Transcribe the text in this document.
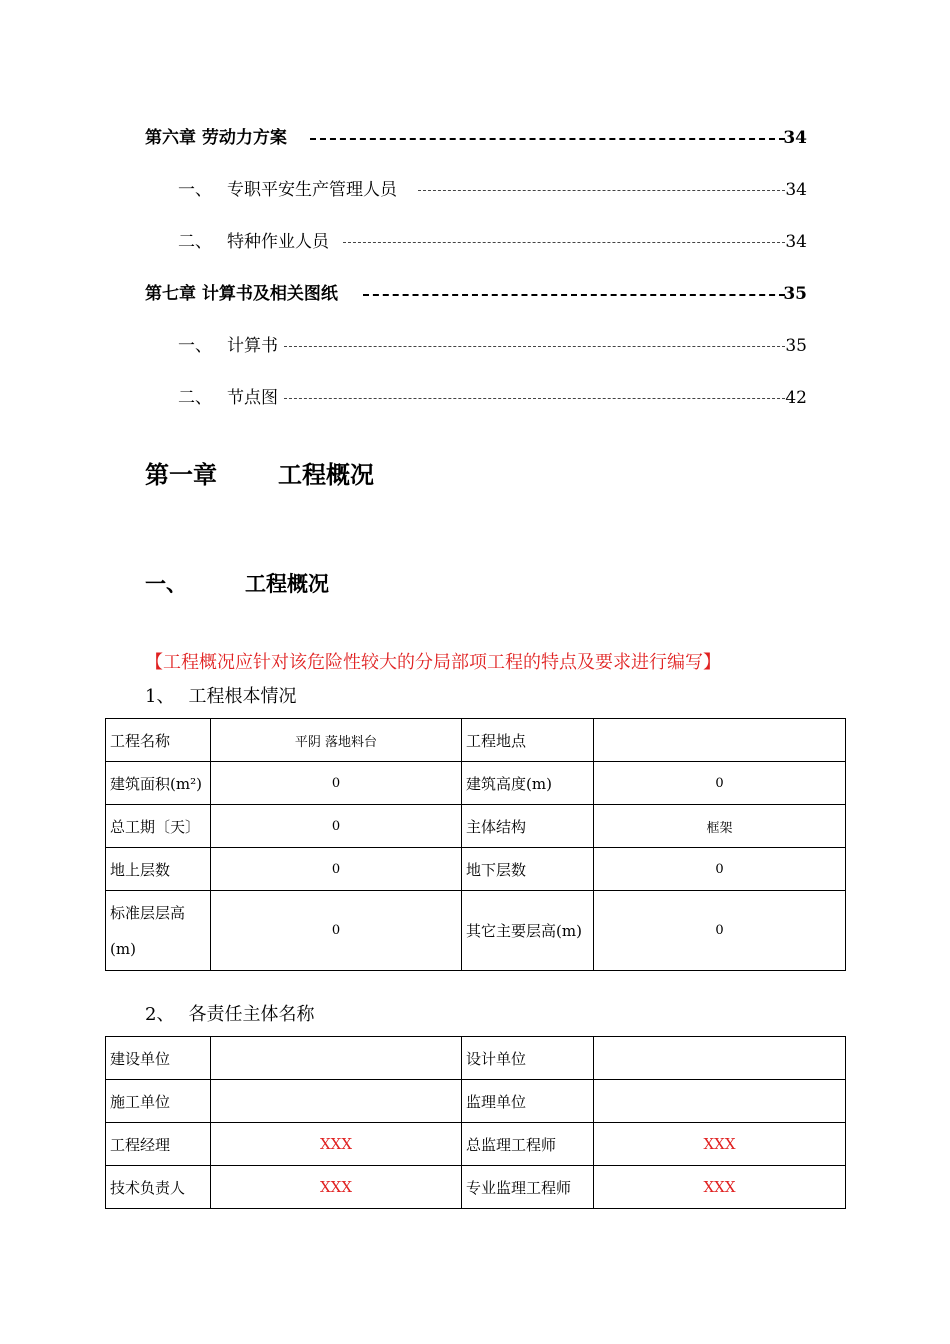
第六章 劳动力方案	34
一、 专职平安生产管理人员	34
二、 特种作业人员	34
第七章 计算书及相关图纸	35
一、 计算书	35
二、 节点图	42
第一章	工程概况
一、	工程概况
【工程概况应针对该危险性较大的分局部项工程的特点及要求进行编写】
1、 工程根本情况
工程名称	平阴 落地料台	工程地点	
建筑面积(m²)	0	建筑高度(m)	0
总工期〔天〕	0	主体结构	框架
地上层数	0	地下层数	0
标准层层高(m)	0	其它主要层高(m)	0
2、 各责任主体名称
建设单位		设计单位	
施工单位		监理单位	
工程经理	XXX	总监理工程师	XXX
技术负责人	XXX	专业监理工程师	XXX
